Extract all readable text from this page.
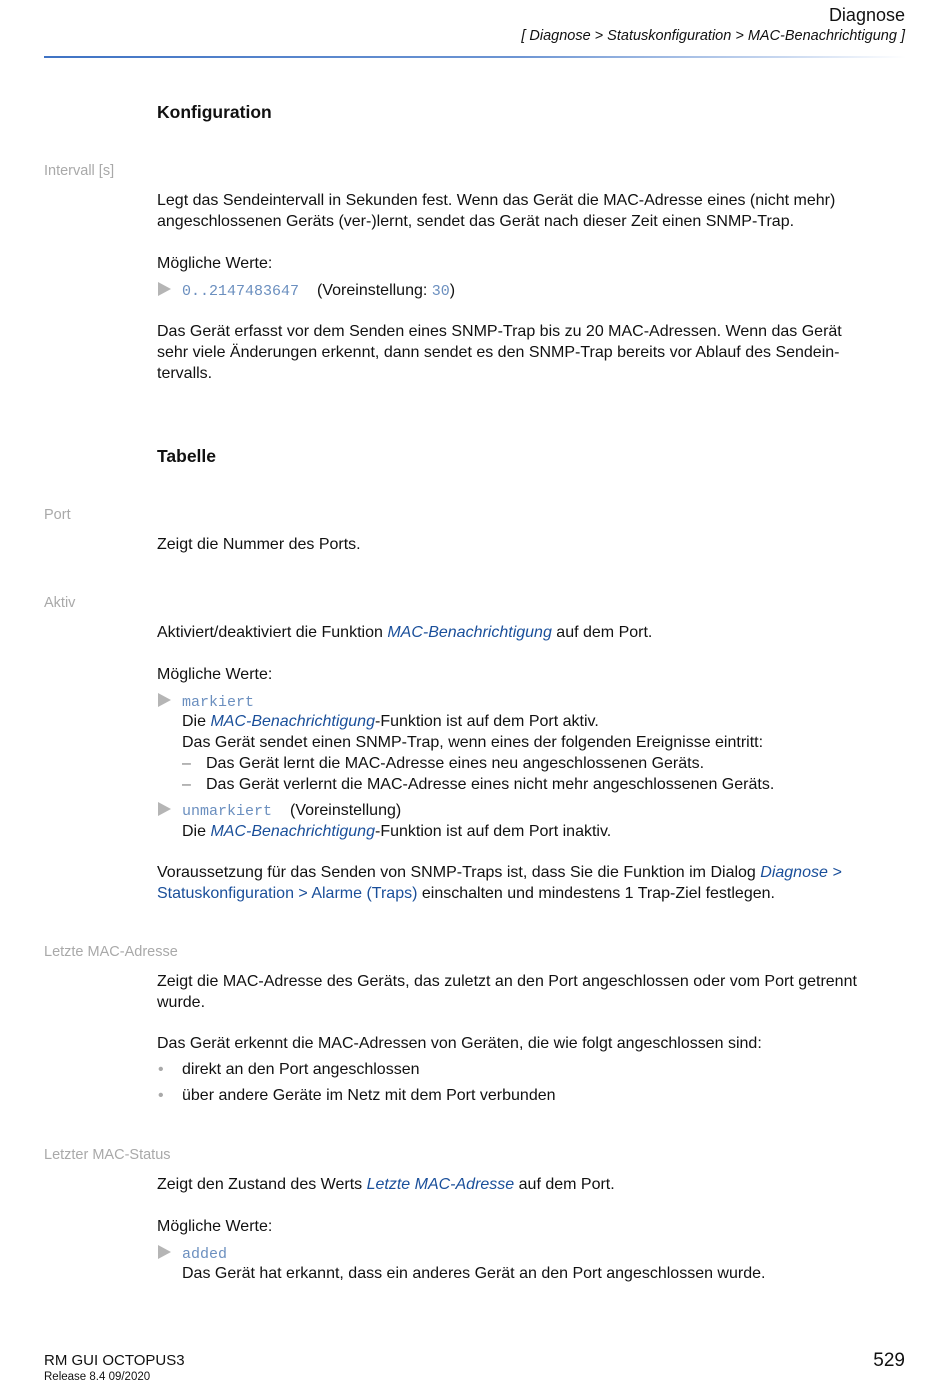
Diagnose
[ Diagnose > Statuskonfiguration > MAC-Benachrichtigung ]
Konfiguration
Intervall [s]
Legt das Sendeintervall in Sekunden fest. Wenn das Gerät die MAC-Adresse eines (nicht mehr)
angeschlossenen Geräts (ver-)lernt, sendet das Gerät nach dieser Zeit einen SNMP-Trap.
Mögliche Werte:
0..2147483647 (Voreinstellung: 30)
Das Gerät erfasst vor dem Senden eines SNMP-Trap bis zu 20 MAC-Adressen. Wenn das Gerät
sehr viele Änderungen erkennt, dann sendet es den SNMP-Trap bereits vor Ablauf des Sendein-
tervalls.
Tabelle
Port
Zeigt die Nummer des Ports.
Aktiv
Aktiviert/deaktiviert die Funktion MAC-Benachrichtigung auf dem Port.
Mögliche Werte:
markiert
Die MAC-Benachrichtigung-Funktion ist auf dem Port aktiv.
Das Gerät sendet einen SNMP-Trap, wenn eines der folgenden Ereignisse eintritt:
– Das Gerät lernt die MAC-Adresse eines neu angeschlossenen Geräts.
– Das Gerät verlernt die MAC-Adresse eines nicht mehr angeschlossenen Geräts.
unmarkiert (Voreinstellung)
Die MAC-Benachrichtigung-Funktion ist auf dem Port inaktiv.
Voraussetzung für das Senden von SNMP-Traps ist, dass Sie die Funktion im Dialog Diagnose >
Statuskonfiguration > Alarme (Traps) einschalten und mindestens 1 Trap-Ziel festlegen.
Letzte MAC-Adresse
Zeigt die MAC-Adresse des Geräts, das zuletzt an den Port angeschlossen oder vom Port getrennt
wurde.
Das Gerät erkennt die MAC-Adressen von Geräten, die wie folgt angeschlossen sind:
• direkt an den Port angeschlossen
• über andere Geräte im Netz mit dem Port verbunden
Letzter MAC-Status
Zeigt den Zustand des Werts Letzte MAC-Adresse auf dem Port.
Mögliche Werte:
added
Das Gerät hat erkannt, dass ein anderes Gerät an den Port angeschlossen wurde.
RM GUI OCTOPUS3
Release 8.4 09/2020
529
